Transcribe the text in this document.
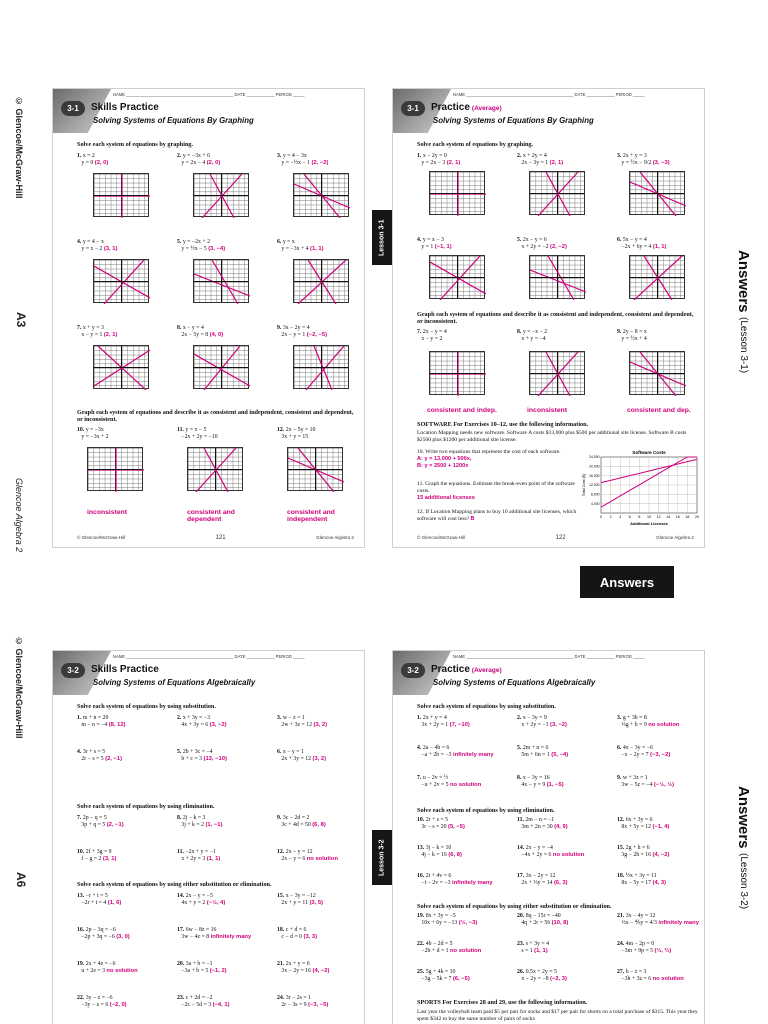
© Glencoe/McGraw-Hill
A3
Glencoe Algebra 2
© Glencoe/McGraw-Hill
A6
Answers (Lesson 3-1)
Answers (Lesson 3-2)
Answers
Lesson 3-1
Lesson 3-2
3-1
NAME ______________________________________________ DATE ____________ PERIOD _____
Skills Practice
Solving Systems of Equations By Graphing
Solve each system of equations by graphing.
1. x = 2
y = 0 (2, 0)
2. y = −3x + 6
y = 2x − 4 (2, 0)
3. y = 4 − 3x
y = −½x − 1 (2, −2)
4. y = 4 − x
y = x − 2 (3, 1)
5. y = −2x + 2
y = ½x − 5 (3, −4)
6. y = x
y = −3x + 4 (1, 1)
7. x + y = 3
x − y = 1 (2, 1)
8. x − y = 4
2x − 5y = 8 (4, 0)
9. 3x − 2y = 4
2x − y = 1 (−2, −5)
Graph each system of equations and describe it as consistent and independent, consistent and dependent, or inconsistent.
10. y = −3x
y = −3x + 2
11. y = x − 5
−2x + 2y = −10
12. 2x − 5y = 10
3x + y = 15
inconsistent	consistent and dependent
consistent and independent
© Glencoe/McGraw-Hill	121	Glencoe Algebra 2
3-1
NAME ______________________________________________ DATE ____________ PERIOD _____
Practice (Average)
Solving Systems of Equations By Graphing
Solve each system of equations by graphing.
1. x − 2y = 0
y = 2x − 3 (2, 1)
2. x + 2y = 4
2x − 3y = 1 (2, 1)
3. 2x + y = 3
y = ½x − 9/2 (3, −3)
4. y = x − 3
y = 1 (−1, 1)
5. 2x − y = 6
x + 2y = −2 (2, −2)
6. 5x − y = 4
−2x + 6y = 4 (1, 1)
Graph each system of equations and describe it as consistent and independent, consistent and dependent, or inconsistent.
7. 2x − y = 4
x − y = 2
8. y = −x − 2
x + y = −4
9. 2y − 8 = x
y = ½x + 4
consistent and indep.	inconsistent	consistent and dep.
SOFTWARE For Exercises 10–12, use the following information.
Location Mapping needs new software. Software A costs $13,000 plus $500 per additional site license. Software B costs $2500 plus $1200 per additional site license.
10. Write two equations that represent the cost of each software.
A: y = 13,000 + 500x,
B: y = 2500 + 1200x
11. Graph the equations. Estimate the break-even point of the software costs.
15 additional licenses
12. If Location Mapping plans to buy 10 additional site licenses, which software will cost less? B	0 2 4 6 8 10 12 14 16 18 20
4,000
8,000
12,000
16,000
20,000
24,000
Software Costs
Additional Licenses
Total Cost ($)
© Glencoe/McGraw-Hill	122	Glencoe Algebra 2
3-2
NAME ______________________________________________ DATE ____________ PERIOD _____
Skills Practice
Solving Systems of Equations Algebraically
Solve each system of equations by using substitution.
1. m + n = 20
m − n = −4 (8, 12)
2. x + 3y = −3
4x + 3y = 6 (3, −2)
3. w − z = 1
2w + 3z = 12 (3, 2)
4. 3r + s = 5
2r − s = 5 (2, −1)
5. 2b + 3c = −4
b + c = 3 (13, −10)
6. x − y = 1
2x + 3y = 12 (3, 2)
Solve each system of equations by using elimination.
7. 2p − q = 5
3p + q = 5 (2, −1)
8. 2j − k = 3
3j + k = 2 (1, −1)
9. 3c − 2d = 2
3c + 4d = 50 (6, 8)
10. 2f + 3g = 9
f − g = 2 (3, 1)
11. −2x + y = −1
x + 2y = 3 (1, 1)
12. 2x − y = 12
2x − y = 6 no solution
Solve each system of equations by using either substitution or elimination.
13. −r + t = 5
−2r + t = 4 (1, 6)
14. 2x − y = −5
4x + y = 2 (−½, 4)
15. x − 3y = −12
2x + y = 11 (3, 5)
16. 2p − 3q = −6
−2p + 3q = −6 (3, 0)
17. 6w − 8z = 16
3w − 4z = 8 infinitely many
18. c + d = 6
c − d = 0 (3, 3)
19. 2x + 4e = −6
u + 2e = 3 no solution
20. 3a + b = −1
−3a + b = 5 (−1, 2)
21. 2x + y = 6
3x − 2y = 16 (4, −2)
22. 3y − z = −6
−3y − z = 6 (−2, 0)
23. c + 2d = −2
−2c − 5d = 3 (−4, 1)
24. 3r − 2s = 1
2r − 3s = 9 (−3, −5)
3-2
NAME ______________________________________________ DATE ____________ PERIOD _____
Practice (Average)
Solving Systems of Equations Algebraically
Solve each system of equations by using substitution.
1. 2x + y = 4
3x + 2y = 1 (7, −10)
2. x − 3y = 9
x + 2y = −1 (3, −2)
3. g + 3h = 8
⅓g + h = 9 no solution
4. 2a − 4b = 6
−a + 2b = −3 infinitely many
5. 2m + n = 6
5m + 6n = 1 (5, −4)
6. 4x − 3y = −6
−x − 2y = 7 (−3, −2)
7. u − 2v = ½
−u + 2v = 5 no solution
8. x − 3y = 16
4x − y = 9 (1, −5)
9. w + 3z = 1
3w − 5z = −4 (−½, ½)
Solve each system of equations by using elimination.
10. 2r + s = 5
3r − s = 20 (5, −5)
11. 2m − n = −1
3m + 2n = 30 (4, 9)
12. 6x + 3y = 6
8x + 5y = 12 (−1, 4)
13. 3j − k = 10
4j − k = 16 (6, 8)
14. 2x − y = −4
−4x + 2y = 6 no solution
15. 2g + h = 6
3g − 2h = 16 (4, −2)
16. 2t + 4v = 6
−t − 2v = −3 infinitely many
17. 3x − 2y = 12
2x + ⅔y = 14 (6, 3)
18. ½x + 3y = 11
8x − 5y = 17 (4, 3)
Solve each system of equations by using either substitution or elimination.
19. 8x + 3y = −5
10x + 6y = −13 (½, −3)
20. 8q − 15r = −40
4q + 2r = 56 (10, 8)
21. 3x − 4y = 12
⅓x − ⅘y = 4/3 infinitely many
22. 4b − 2d = 5
−2b + d = 1 no solution
23. s + 3y = 4
s = 1 (1, 1)
24. 4m − 2p = 0
−3m + 9p = 5 (⅓, ⅔)
25. 5g + 4k = 10
−3g − 5k = 7 (6, −5)
26. 0.5x + 2y = 5
x − 2y = −8 (−2, 3)
27. h − z = 3
−3h + 3z = 6 no solution
SPORTS For Exercises 28 and 29, use the following information.
Last year the volleyball team paid $5 per pair for socks and $17 per pair for shorts on a total purchase of $315. This year they spent $342 to buy the same number of pairs of socks
